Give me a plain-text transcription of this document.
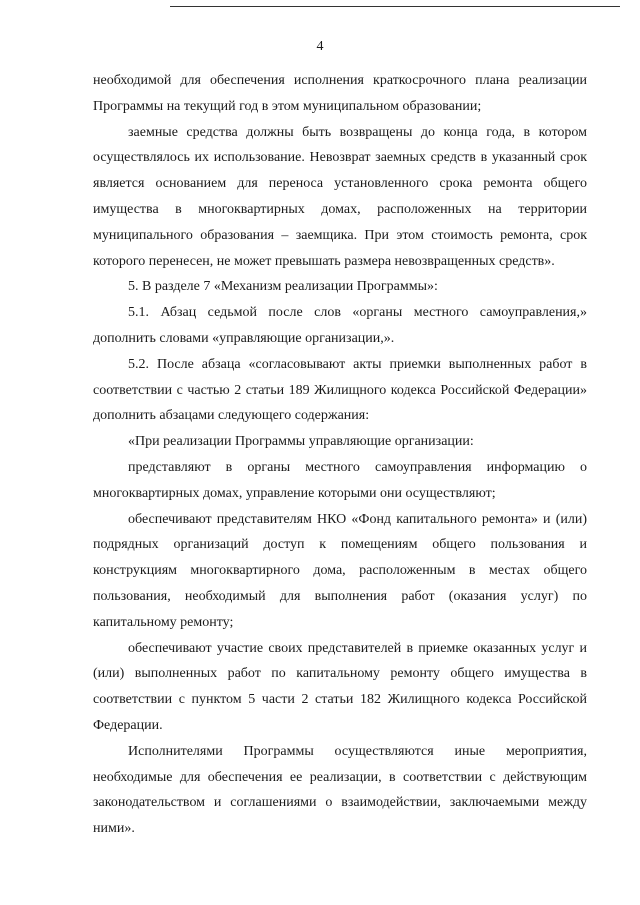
4

необходимой для обеспечения исполнения краткосрочного плана реализации Программы на текущий год в этом муниципальном образовании;

заемные средства должны быть возвращены до конца года, в котором осуществлялось их использование. Невозврат заемных средств в указанный срок является основанием для переноса установленного срока ремонта общего имущества в многоквартирных домах, расположенных на территории муниципального образования – заемщика. При этом стоимость ремонта, срок которого перенесен, не может превышать размера невозвращенных средств».

5. В разделе 7 «Механизм реализации Программы»:

5.1. Абзац седьмой после слов «органы местного самоуправления,» дополнить словами «управляющие организации,».

5.2. После абзаца «согласовывают акты приемки выполненных работ в соответствии с частью 2 статьи 189 Жилищного кодекса Российской Федерации» дополнить абзацами следующего содержания:

«При реализации Программы управляющие организации:

представляют в органы местного самоуправления информацию о многоквартирных домах, управление которыми они осуществляют;

обеспечивают представителям НКО «Фонд капитального ремонта» и (или) подрядных организаций доступ к помещениям общего пользования и конструкциям многоквартирного дома, расположенным в местах общего пользования, необходимый для выполнения работ (оказания услуг) по капитальному ремонту;

обеспечивают участие своих представителей в приемке оказанных услуг и (или) выполненных работ по капитальному ремонту общего имущества в соответствии с пунктом 5 части 2 статьи 182 Жилищного кодекса Российской Федерации.

Исполнителями Программы осуществляются иные мероприятия, необходимые для обеспечения ее реализации, в соответствии с действующим законодательством и соглашениями о взаимодействии, заключаемыми между ними».
